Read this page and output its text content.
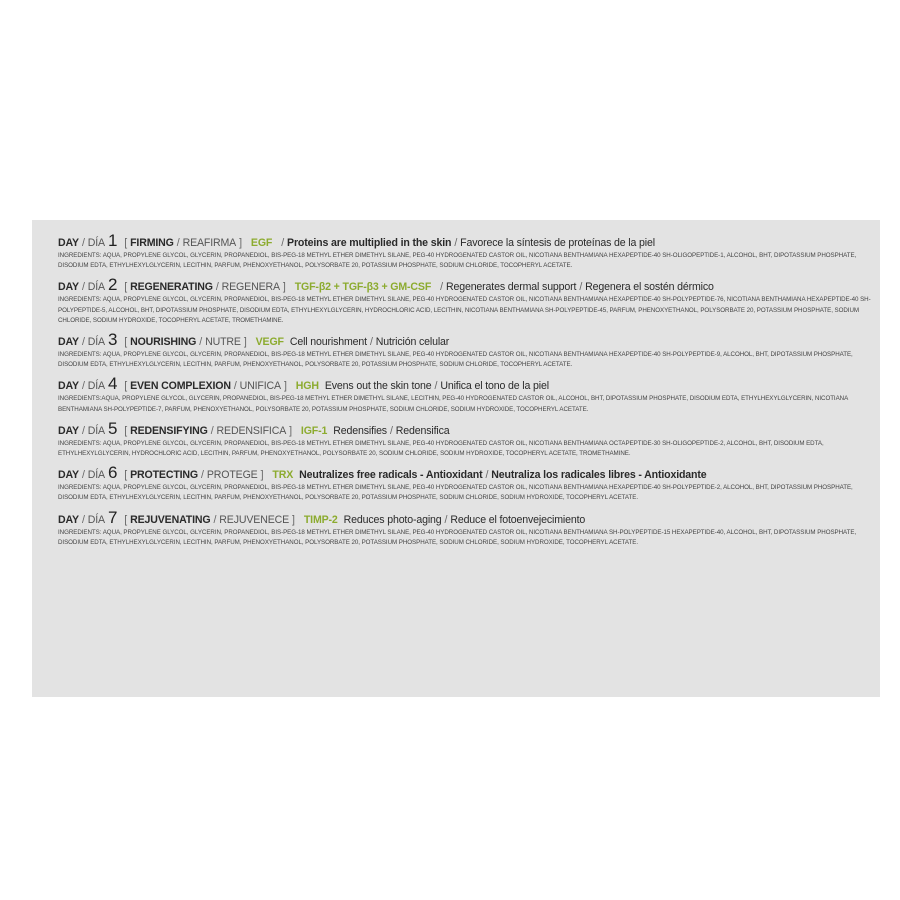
DAY / DÍA 1 [ FIRMING / REAFIRMA ] EGF / Proteins are multiplied in the skin / Favorece la síntesis de proteínas de la piel
INGREDIENTS: AQUA, PROPYLENE GLYCOL, GLYCERIN, PROPANEDIOL, BIS-PEG-18 METHYL ETHER DIMETHYL SILANE, PEG-40 HYDROGENATED CASTOR OIL, NICOTIANA BENTHAMIANA HEXAPEPTIDE-40 SH-OLIGOPEPTIDE-1, ALCOHOL, BHT, DIPOTASSIUM PHOSPHATE, DISODIUM EDTA, ETHYLHEXYLGLYCERIN, LECITHIN, PARFUM, PHENOXYETHANOL, POLYSORBATE 20, POTASSIUM PHOSPHATE, SODIUM CHLORIDE, TOCOPHERYL ACETATE.
DAY / DÍA 2 [ REGENERATING / REGENERA ] TGF-β2 + TGF-β3 + GM-CSF / Regenerates dermal support / Regenera el sostén dérmico
INGREDIENTS: AQUA, PROPYLENE GLYCOL, GLYCERIN, PROPANEDIOL, BIS-PEG-18 METHYL ETHER DIMETHYL SILANE, PEG-40 HYDROGENATED CASTOR OIL, NICOTIANA BENTHAMIANA HEXAPEPTIDE-40 SH-POLYPEPTIDE-76, NICOTIANA BENTHAMIANA HEXAPEPTIDE-40 SH-POLYPEPTIDE-5, ALCOHOL, BHT, DIPOTASSIUM PHOSPHATE, DISODIUM EDTA, ETHYLHEXYLGLYCERIN, HYDROCHLORIC ACID, LECITHIN, NICOTIANA BENTHAMIANA SH-POLYPEPTIDE-45, PARFUM, PHENOXYETHANOL, POLYSORBATE 20, POTASSIUM PHOSPHATE, SODIUM CHLORIDE, SODIUM HYDROXIDE, TOCOPHERYL ACETATE, TROMETHAMINE.
DAY / DÍA 3 [ NOURISHING / NUTRE ] VEGF Cell nourishment / Nutrición celular
INGREDIENTS: AQUA, PROPYLENE GLYCOL, GLYCERIN, PROPANEDIOL, BIS-PEG-18 METHYL ETHER DIMETHYL SILANE, PEG-40 HYDROGENATED CASTOR OIL, NICOTIANA BENTHAMIANA HEXAPEPTIDE-40 SH-POLYPEPTIDE-9, ALCOHOL, BHT, DIPOTASSIUM PHOSPHATE, DISODIUM EDTA, ETHYLHEXYLGLYCERIN, LECITHIN, PARFUM, PHENOXYETHANOL, POLYSORBATE 20, POTASSIUM PHOSPHATE, SODIUM CHLORIDE, TOCOPHERYL ACETATE.
DAY / DÍA 4 [ EVEN COMPLEXION / UNIFICA ] HGH Evens out the skin tone / Unifica el tono de la piel
INGREDIENTS:AQUA, PROPYLENE GLYCOL, GLYCERIN, PROPANEDIOL, BIS-PEG-18 METHYL ETHER DIMETHYL SILANE, LECITHIN, PEG-40 HYDROGENATED CASTOR OIL, ALCOHOL, BHT, DIPOTASSIUM PHOSPHATE, DISODIUM EDTA, ETHYLHEXYLGLYCERIN, NICOTIANA BENTHAMIANA SH-POLYPEPTIDE-7, PARFUM, PHENOXYETHANOL, POLYSORBATE 20, POTASSIUM PHOSPHATE, SODIUM CHLORIDE, SODIUM HYDROXIDE, TOCOPHERYL ACETATE.
DAY / DÍA 5 [ REDENSIFYING / REDENSIFICA ] IGF-1 Redensifies / Redensifica
INGREDIENTS: AQUA, PROPYLENE GLYCOL, GLYCERIN, PROPANEDIOL, BIS-PEG-18 METHYL ETHER DIMETHYL SILANE, PEG-40 HYDROGENATED CASTOR OIL, NICOTIANA BENTHAMIANA OCTAPEPTIDE-30 SH-OLIGOPEPTIDE-2, ALCOHOL, BHT, DISODIUM EDTA, ETHYLHEXYLGLYCERIN, HYDROCHLORIC ACID, LECITHIN, PARFUM, PHENOXYETHANOL, POLYSORBATE 20, SODIUM CHLORIDE, SODIUM HYDROXIDE, TOCOPHERYL ACETATE, TROMETHAMINE.
DAY / DÍA 6 [ PROTECTING / PROTEGE ] TRX Neutralizes free radicals - Antioxidant / Neutraliza los radicales libres - Antioxidante
INGREDIENTS: AQUA, PROPYLENE GLYCOL, GLYCERIN, PROPANEDIOL, BIS-PEG-18 METHYL ETHER DIMETHYL SILANE, PEG-40 HYDROGENATED CASTOR OIL, NICOTIANA BENTHAMIANA HEXAPEPTIDE-40 SH-POLYPEPTIDE-2, ALCOHOL, BHT, DIPOTASSIUM PHOSPHATE, DISODIUM EDTA, ETHYLHEXYLGLYCERIN, LECITHIN, PARFUM, PHENOXYETHANOL, POLYSORBATE 20, POTASSIUM PHOSPHATE, SODIUM CHLORIDE, SODIUM HYDROXIDE, TOCOPHERYL ACETATE.
DAY / DÍA 7 [ REJUVENATING / REJUVENECE ] TIMP-2 Reduces photo-aging / Reduce el fotoenvejecimiento
INGREDIENTS: AQUA, PROPYLENE GLYCOL, GLYCERIN, PROPANEDIOL, BIS-PEG-18 METHYL ETHER DIMETHYL SILANE, PEG-40 HYDROGENATED CASTOR OIL, NICOTIANA BENTHAMIANA SH-POLYPEPTIDE-15 HEXAPEPTIDE-40, ALCOHOL, BHT, DIPOTASSIUM PHOSPHATE, DISODIUM EDTA, ETHYLHEXYLGLYCERIN, LECITHIN, PARFUM, PHENOXYETHANOL, POLYSORBATE 20, POTASSIUM PHOSPHATE, SODIUM CHLORIDE, SODIUM HYDROXIDE, TOCOPHERYL ACETATE.
